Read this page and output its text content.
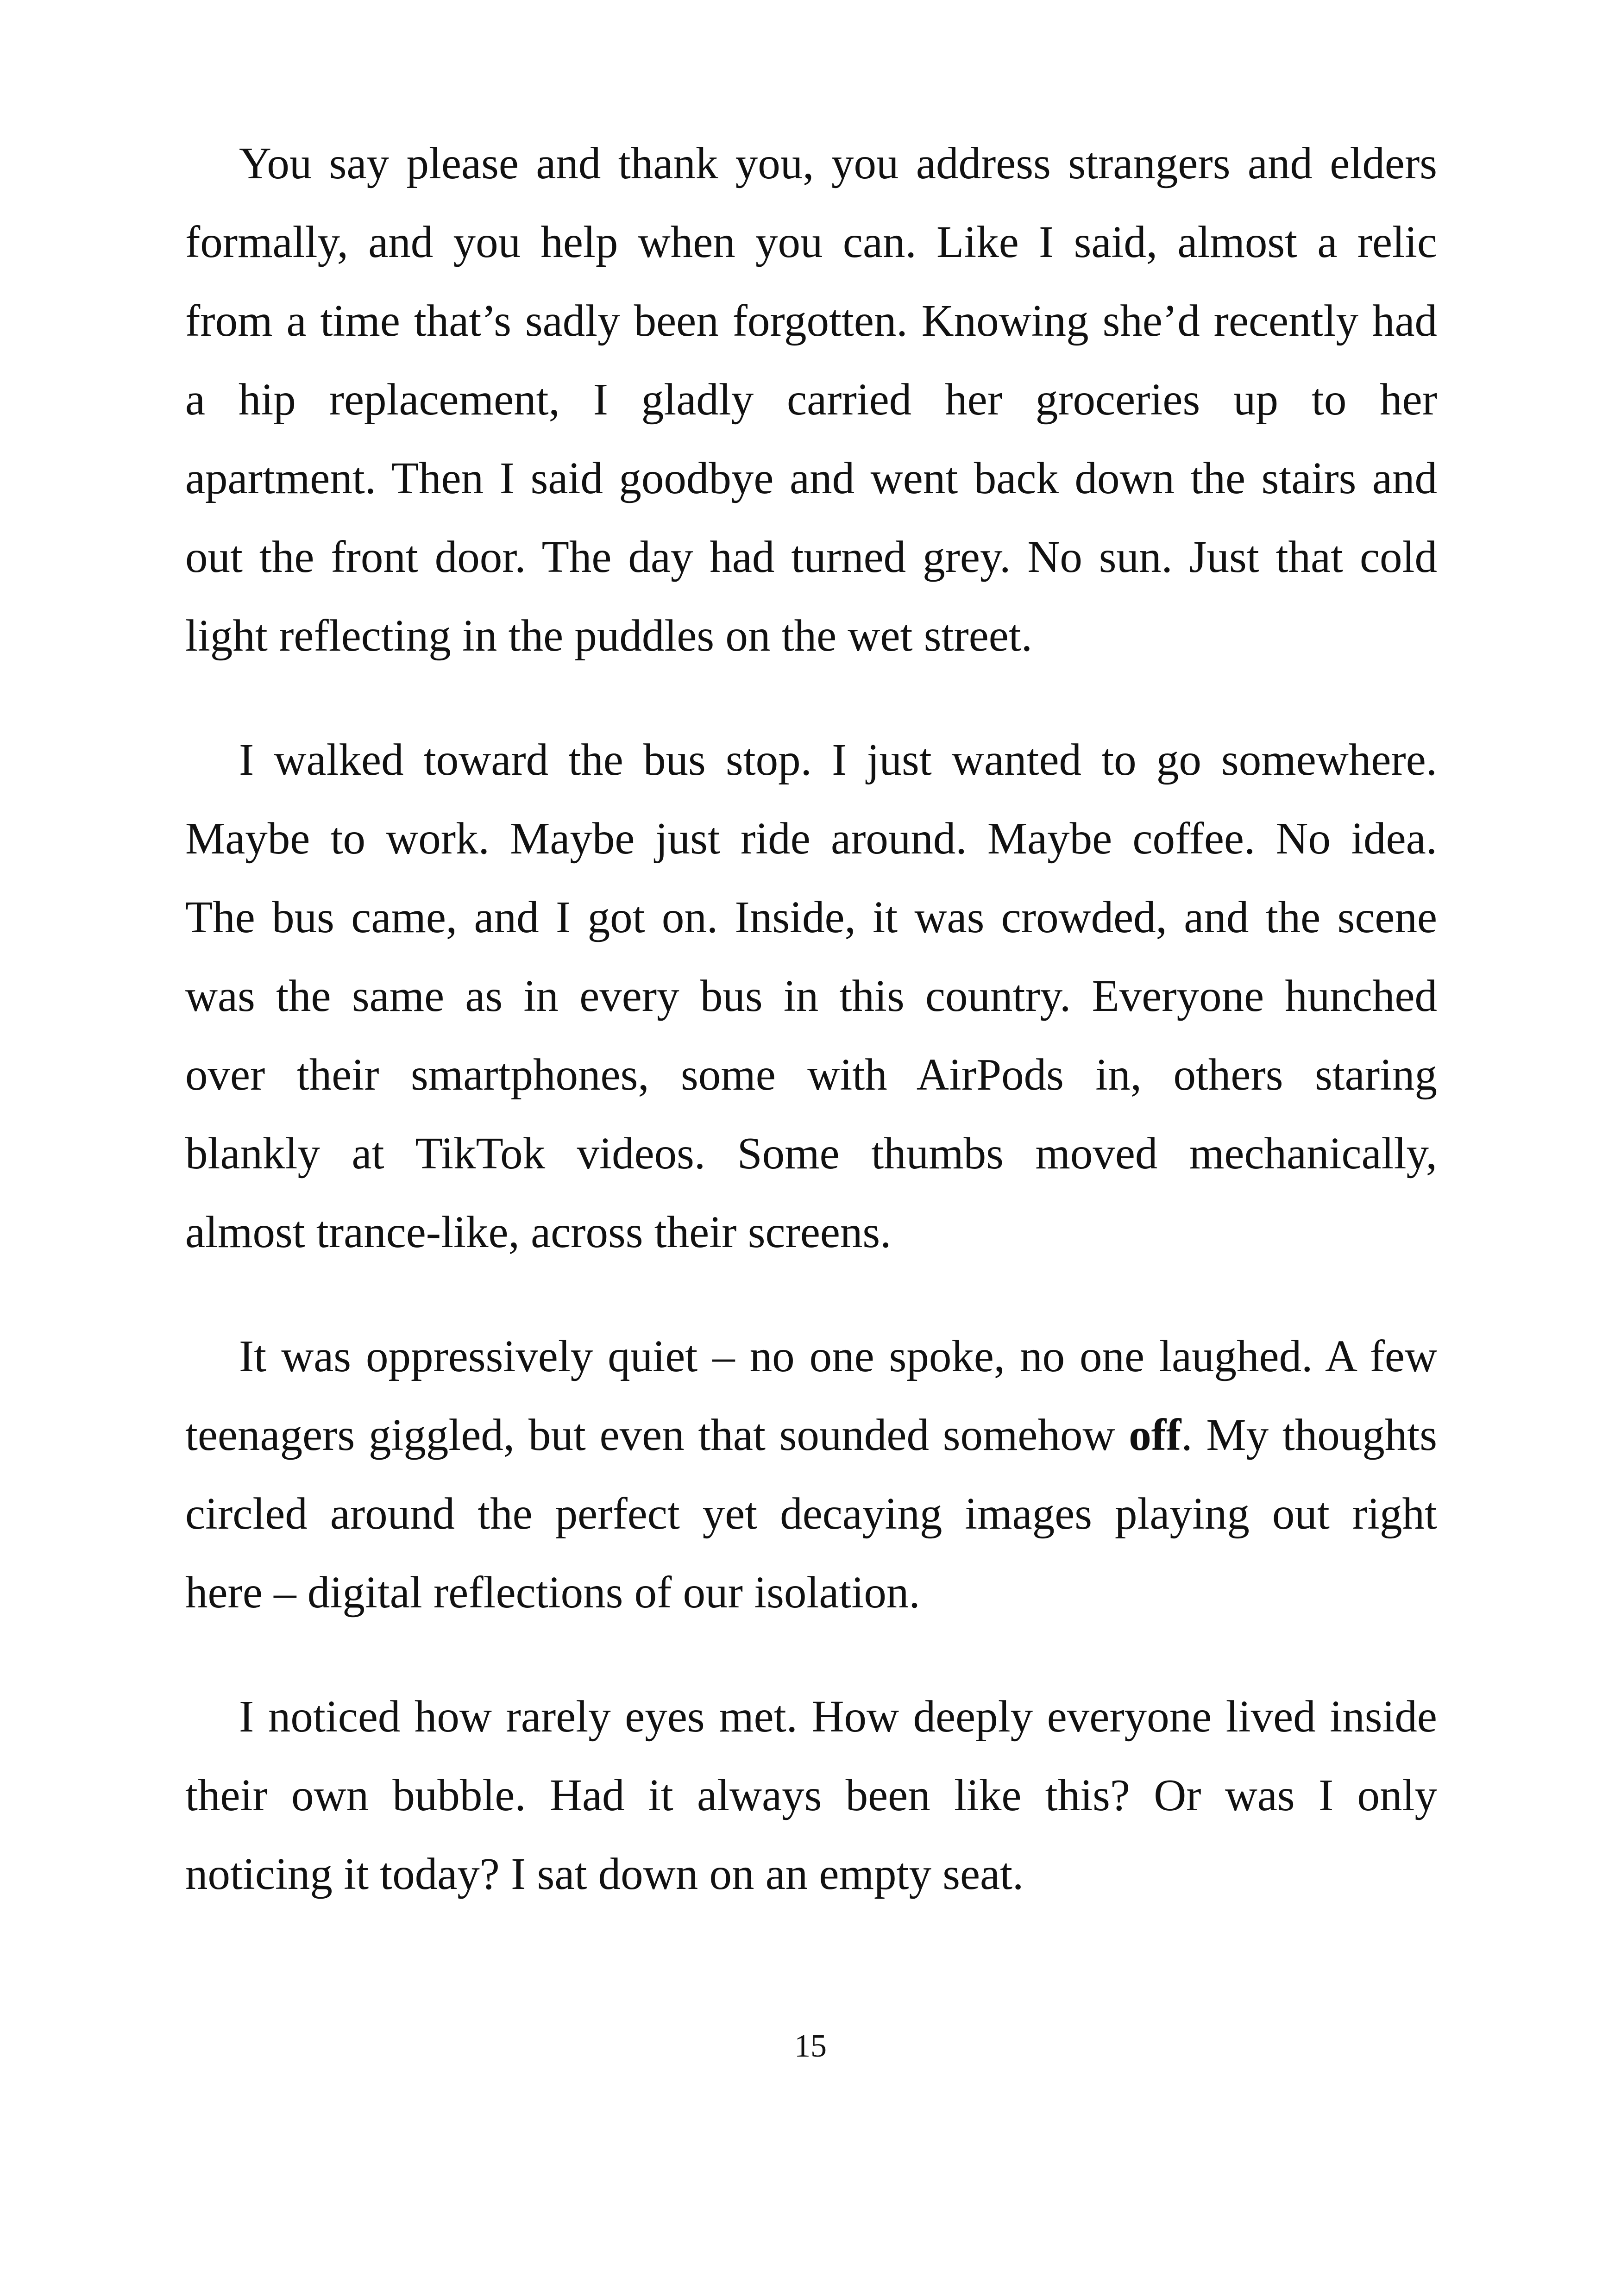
You say please and thank you, you address strangers and elders
formally, and you help when you can. Like I said, almost a relic
from a time that’s sadly been forgotten. Knowing she’d recently had
a hip replacement, I gladly carried her groceries up to her
apartment. Then I said goodbye and went back down the stairs and
out the front door. The day had turned grey. No sun. Just that cold
light reflecting in the puddles on the wet street.
I walked toward the bus stop. I just wanted to go somewhere.
Maybe to work. Maybe just ride around. Maybe coffee. No idea.
The bus came, and I got on. Inside, it was crowded, and the scene
was the same as in every bus in this country. Everyone hunched
over their smartphones, some with AirPods in, others staring
blankly at TikTok videos. Some thumbs moved mechanically,
almost trance-like, across their screens.
It was oppressively quiet – no one spoke, no one laughed. A few
teenagers giggled, but even that sounded somehow off. My thoughts
circled around the perfect yet decaying images playing out right
here – digital reflections of our isolation.
I noticed how rarely eyes met. How deeply everyone lived inside
their own bubble. Had it always been like this? Or was I only
noticing it today? I sat down on an empty seat.
15
